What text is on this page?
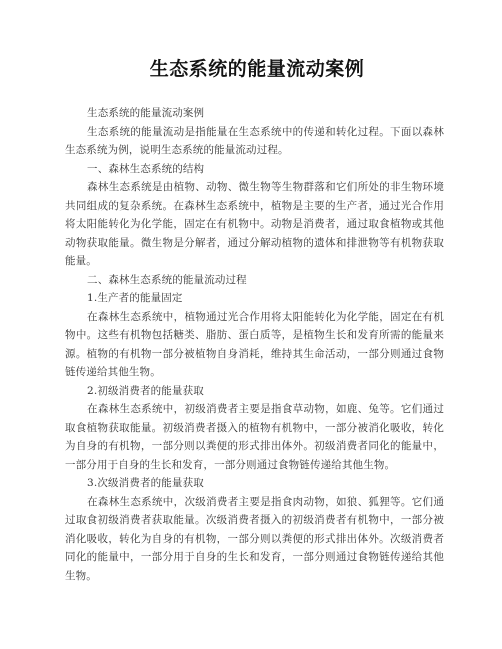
生态系统的能量流动案例

生态系统的能量流动案例

生态系统的能量流动是指能量在生态系统中的传递和转化过程。下面以森林生态系统为例，说明生态系统的能量流动过程。

一、森林生态系统的结构

森林生态系统是由植物、动物、微生物等生物群落和它们所处的非生物环境共同组成的复杂系统。在森林生态系统中，植物是主要的生产者，通过光合作用将太阳能转化为化学能，固定在有机物中。动物是消费者，通过取食植物或其他动物获取能量。微生物是分解者，通过分解动植物的遗体和排泄物等有机物获取能量。

二、森林生态系统的能量流动过程

1.生产者的能量固定

在森林生态系统中，植物通过光合作用将太阳能转化为化学能，固定在有机物中。这些有机物包括糖类、脂肪、蛋白质等，是植物生长和发育所需的能量来源。植物的有机物一部分被植物自身消耗，维持其生命活动，一部分则通过食物链传递给其他生物。

2.初级消费者的能量获取

在森林生态系统中，初级消费者主要是指食草动物，如鹿、兔等。它们通过取食植物获取能量。初级消费者摄入的植物有机物中，一部分被消化吸收，转化为自身的有机物，一部分则以粪便的形式排出体外。初级消费者同化的能量中，一部分用于自身的生长和发育，一部分则通过食物链传递给其他生物。

3.次级消费者的能量获取

在森林生态系统中，次级消费者主要是指食肉动物，如狼、狐狸等。它们通过取食初级消费者获取能量。次级消费者摄入的初级消费者有机物中，一部分被消化吸收，转化为自身的有机物，一部分则以粪便的形式排出体外。次级消费者同化的能量中，一部分用于自身的生长和发育，一部分则通过食物链传递给其他生物。
